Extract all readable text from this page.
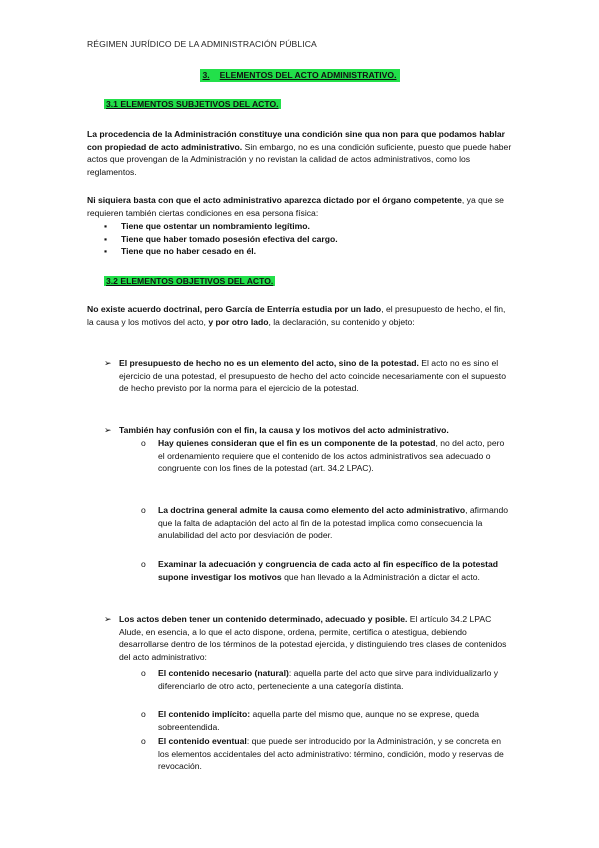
RÉGIMEN JURÍDICO DE LA ADMINISTRACIÓN PÚBLICA
3. ELEMENTOS DEL ACTO ADMINISTRATIVO.
3.1 ELEMENTOS SUBJETIVOS DEL ACTO.

La procedencia de la Administración constituye una condición sine qua non para que podamos hablar con propiedad de acto administrativo. Sin embargo, no es una condición suficiente, puesto que puede haber actos que provengan de la Administración y no revistan la calidad de actos administrativos, como los reglamentos.

Ni siquiera basta con que el acto administrativo aparezca dictado por el órgano competente, ya que se requieren también ciertas condiciones en esa persona física:

▪ Tiene que ostentar un nombramiento legítimo.
▪ Tiene que haber tomado posesión efectiva del cargo.
▪ Tiene que no haber cesado en él.
3.2 ELEMENTOS OBJETIVOS DEL ACTO.

No existe acuerdo doctrinal, pero García de Enterría estudia por un lado, el presupuesto de hecho, el fin, la causa y los motivos del acto, y por otro lado, la declaración, su contenido y objeto:

➢ El presupuesto de hecho no es un elemento del acto, sino de la potestad. El acto no es sino el ejercicio de una potestad, el presupuesto de hecho del acto coincide necesariamente con el supuesto de hecho previsto por la norma para el ejercicio de la potestad.

➢ También hay confusión con el fin, la causa y los motivos del acto administrativo.

o Hay quienes consideran que el fin es un componente de la potestad, no del acto, pero el ordenamiento requiere que el contenido de los actos administrativos sea adecuado o congruente con los fines de la potestad (art. 34.2 LPAC).

o La doctrina general admite la causa como elemento del acto administrativo, afirmando que la falta de adaptación del acto al fin de la potestad implica como consecuencia la anulabilidad del acto por desviación de poder.

o Examinar la adecuación y congruencia de cada acto al fin específico de la potestad supone investigar los motivos que han llevado a la Administración a dictar el acto.

➢ Los actos deben tener un contenido determinado, adecuado y posible. El artículo 34.2 LPAC Alude, en esencia, a lo que el acto dispone, ordena, permite, certifica o atestigua, debiendo desarrollarse dentro de los términos de la potestad ejercida, y distinguiendo tres clases de contenidos del acto administrativo:

o El contenido necesario (natural): aquella parte del acto que sirve para individualizarlo y diferenciarlo de otro acto, perteneciente a una categoría distinta.

o El contenido implícito: aquella parte del mismo que, aunque no se exprese, queda sobreentendida.

o El contenido eventual: que puede ser introducido por la Administración, y se concreta en los elementos accidentales del acto administrativo: término, condición, modo y reservas de revocación.
